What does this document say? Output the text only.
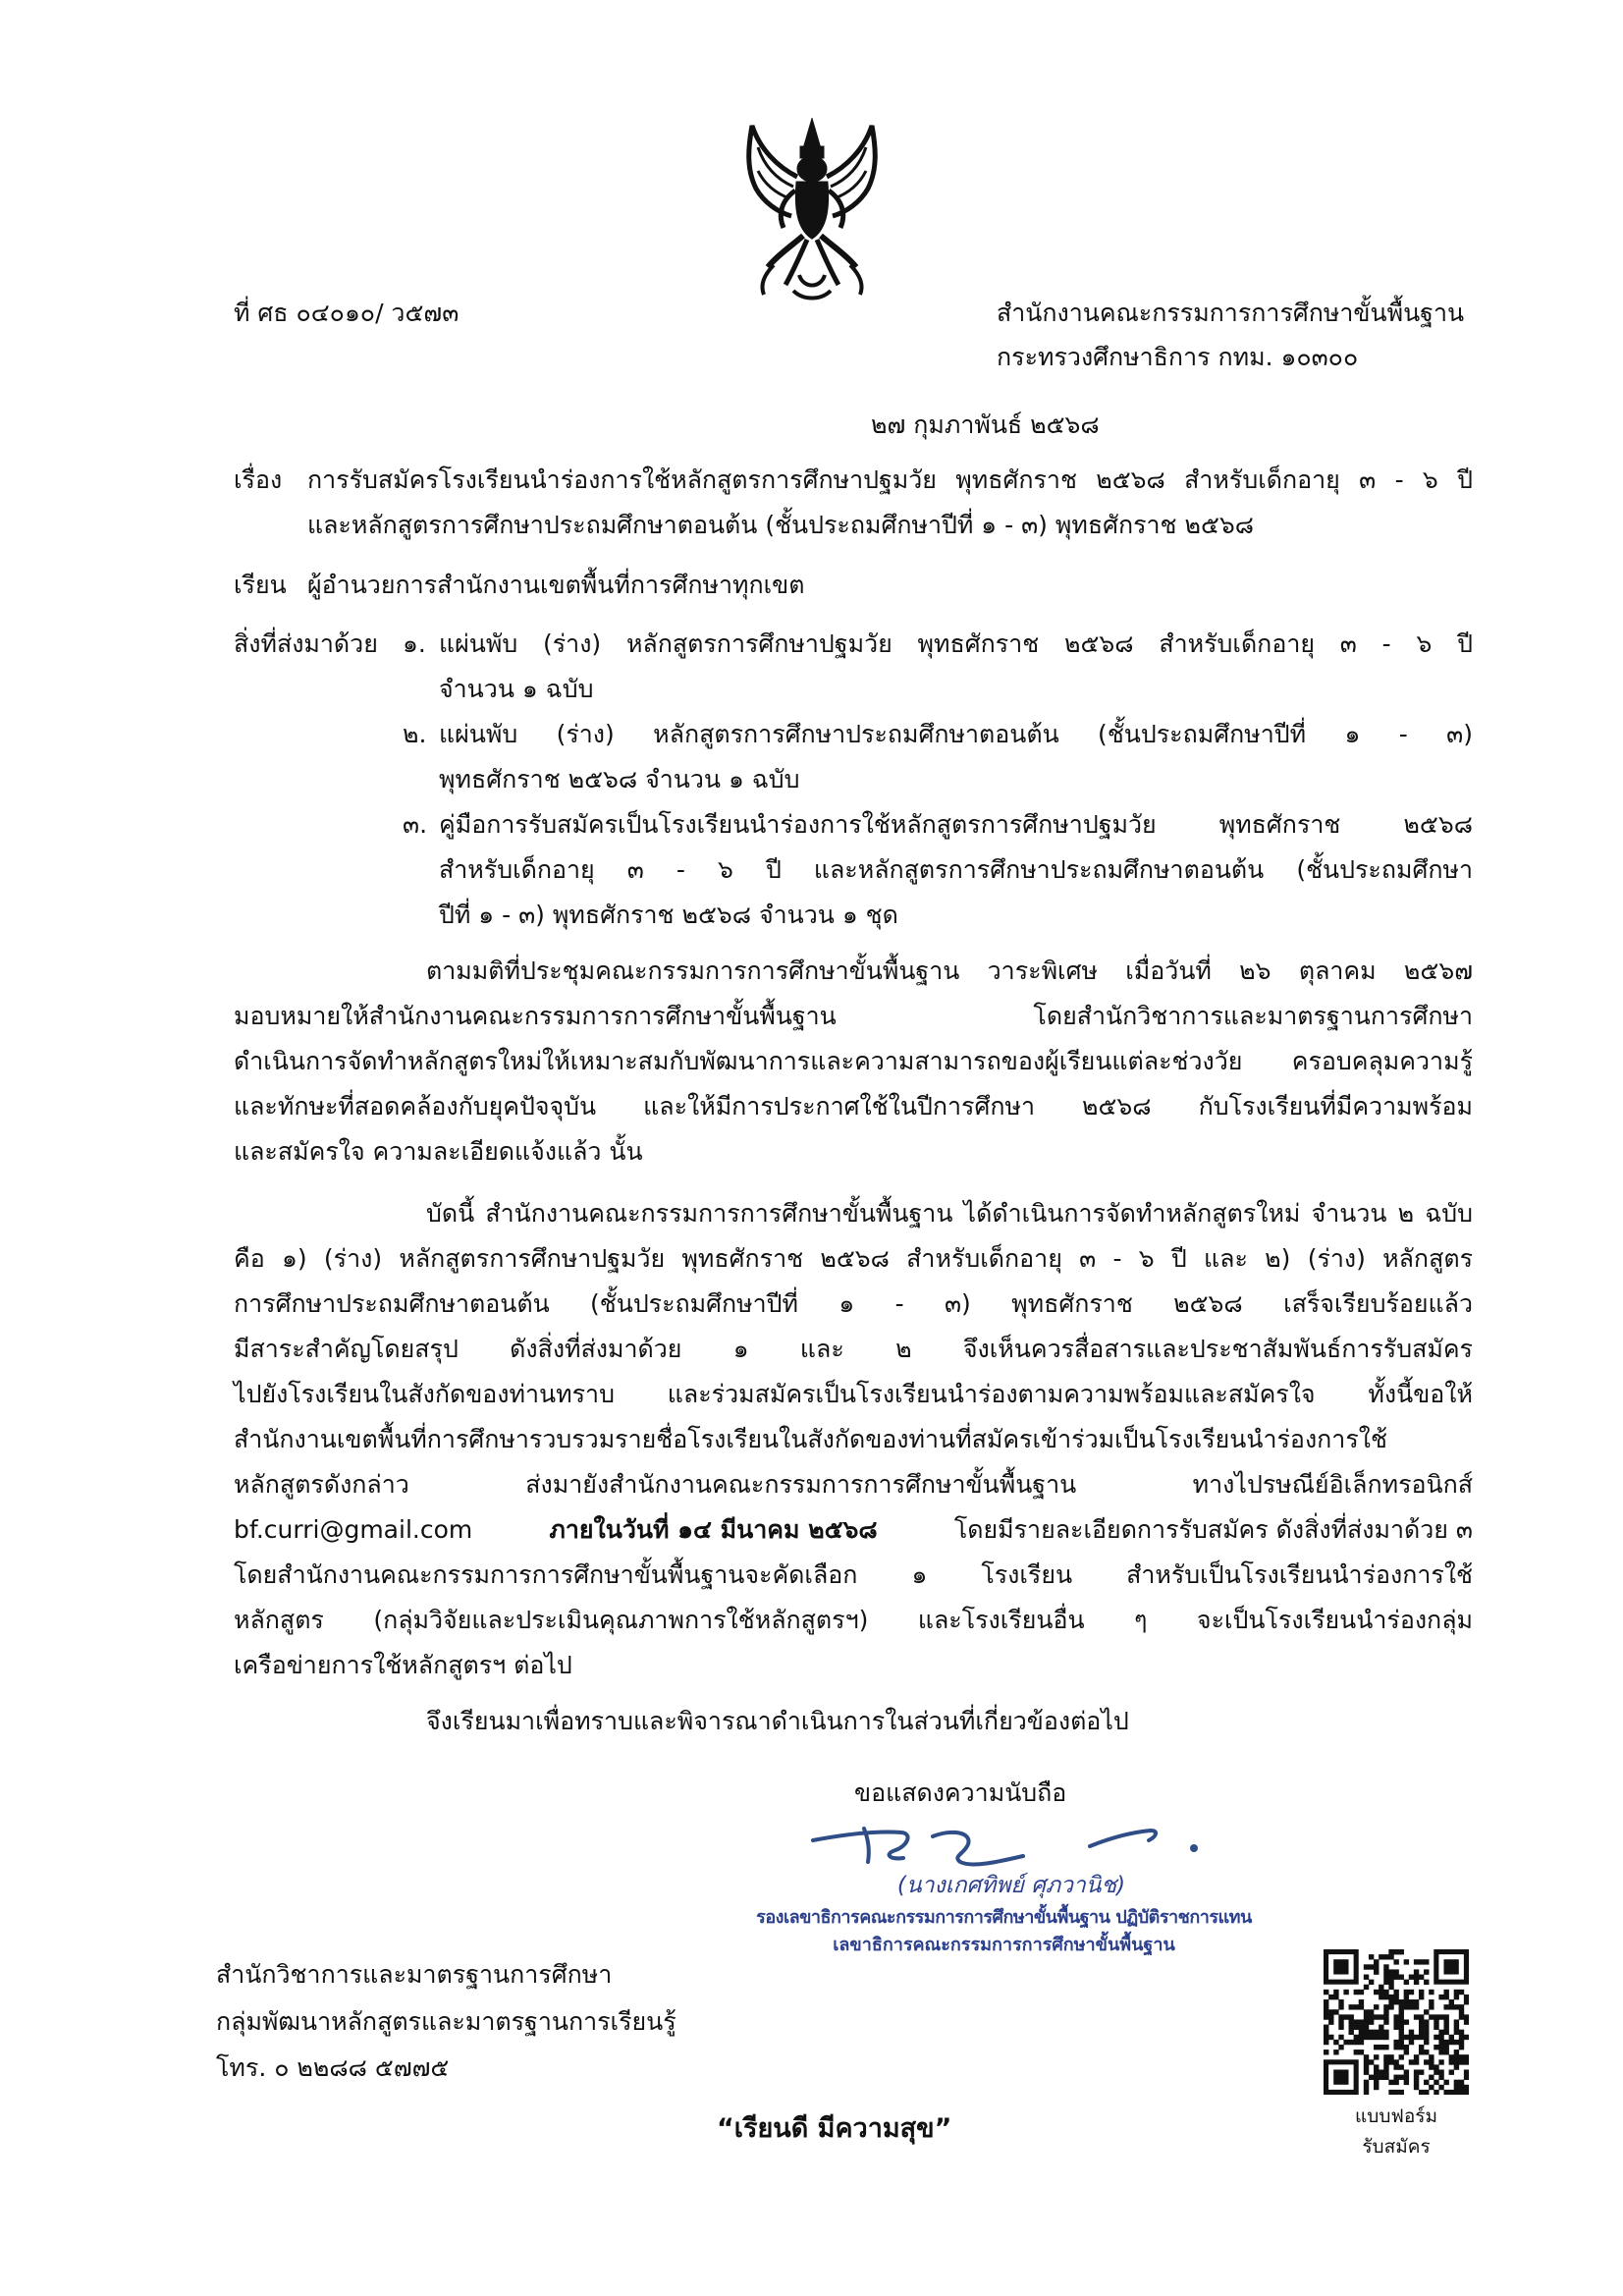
ที่ ศธ ๐๔๐๑๐/ ว๕๗๓	สำนักงานคณะกรรมการการศึกษาขั้นพื้นฐาน
กระทรวงศึกษาธิการ กทม. ๑๐๓๐๐
๒๗ กุมภาพันธ์ ๒๕๖๘
เรื่อง การรับสมัครโรงเรียนนำร่องการใช้หลักสูตรการศึกษาปฐมวัย พุทธศักราช ๒๕๖๘ สำหรับเด็กอายุ ๓ - ๖ ปี
และหลักสูตรการศึกษาประถมศึกษาตอนต้น (ชั้นประถมศึกษาปีที่ ๑ - ๓) พุทธศักราช ๒๕๖๘
เรียน ผู้อำนวยการสำนักงานเขตพื้นที่การศึกษาทุกเขต
สิ่งที่ส่งมาด้วย ๑. แผ่นพับ (ร่าง) หลักสูตรการศึกษาปฐมวัย พุทธศักราช ๒๕๖๘ สำหรับเด็กอายุ ๓ - ๖ ปี
จำนวน ๑ ฉบับ
๒. แผ่นพับ (ร่าง) หลักสูตรการศึกษาประถมศึกษาตอนต้น (ชั้นประถมศึกษาปีที่ ๑ - ๓)
พุทธศักราช ๒๕๖๘ จำนวน ๑ ฉบับ
๓. คู่มือการรับสมัครเป็นโรงเรียนนำร่องการใช้หลักสูตรการศึกษาปฐมวัย พุทธศักราช ๒๕๖๘
สำหรับเด็กอายุ ๓ - ๖ ปี และหลักสูตรการศึกษาประถมศึกษาตอนต้น (ชั้นประถมศึกษา
ปีที่ ๑ - ๓) พุทธศักราช ๒๕๖๘ จำนวน ๑ ชุด
ตามมติที่ประชุมคณะกรรมการการศึกษาขั้นพื้นฐาน วาระพิเศษ เมื่อวันที่ ๒๖ ตุลาคม ๒๕๖๗
มอบหมายให้สำนักงานคณะกรรมการการศึกษาขั้นพื้นฐาน โดยสำนักวิชาการและมาตรฐานการศึกษา
ดำเนินการจัดทำหลักสูตรใหม่ให้เหมาะสมกับพัฒนาการและความสามารถของผู้เรียนแต่ละช่วงวัย ครอบคลุมความรู้
และทักษะที่สอดคล้องกับยุคปัจจุบัน และให้มีการประกาศใช้ในปีการศึกษา ๒๕๖๘ กับโรงเรียนที่มีความพร้อม
และสมัครใจ ความละเอียดแจ้งแล้ว นั้น
บัดนี้ สำนักงานคณะกรรมการการศึกษาขั้นพื้นฐาน ได้ดำเนินการจัดทำหลักสูตรใหม่ จำนวน ๒ ฉบับ
คือ ๑) (ร่าง) หลักสูตรการศึกษาปฐมวัย พุทธศักราช ๒๕๖๘ สำหรับเด็กอายุ ๓ - ๖ ปี และ ๒) (ร่าง) หลักสูตร
การศึกษาประถมศึกษาตอนต้น (ชั้นประถมศึกษาปีที่ ๑ - ๓) พุทธศักราช ๒๕๖๘ เสร็จเรียบร้อยแล้ว
มีสาระสำคัญโดยสรุป ดังสิ่งที่ส่งมาด้วย ๑ และ ๒ จึงเห็นควรสื่อสารและประชาสัมพันธ์การรับสมัคร
ไปยังโรงเรียนในสังกัดของท่านทราบ และร่วมสมัครเป็นโรงเรียนนำร่องตามความพร้อมและสมัครใจ ทั้งนี้ขอให้
สำนักงานเขตพื้นที่การศึกษารวบรวมรายชื่อโรงเรียนในสังกัดของท่านที่สมัครเข้าร่วมเป็นโรงเรียนนำร่องการใช้
หลักสูตรดังกล่าว ส่งมายังสำนักงานคณะกรรมการการศึกษาขั้นพื้นฐาน ทางไปรษณีย์อิเล็กทรอนิกส์
bf.curri@gmail.com	ภายในวันที่ ๑๔ มีนาคม ๒๕๖๘	โดยมีรายละเอียดการรับสมัคร ดังสิ่งที่ส่งมาด้วย ๓
โดยสำนักงานคณะกรรมการการศึกษาขั้นพื้นฐานจะคัดเลือก ๑ โรงเรียน สำหรับเป็นโรงเรียนนำร่องการใช้
หลักสูตร (กลุ่มวิจัยและประเมินคุณภาพการใช้หลักสูตรฯ) และโรงเรียนอื่น ๆ จะเป็นโรงเรียนนำร่องกลุ่ม
เครือข่ายการใช้หลักสูตรฯ ต่อไป
จึงเรียนมาเพื่อทราบและพิจารณาดำเนินการในส่วนที่เกี่ยวข้องต่อไป
ขอแสดงความนับถือ
(นางเกศทิพย์ ศุภวานิช)
รองเลขาธิการคณะกรรมการการศึกษาขั้นพื้นฐาน ปฏิบัติราชการแทน
เลขาธิการคณะกรรมการการศึกษาขั้นพื้นฐาน
สำนักวิชาการและมาตรฐานการศึกษา
กลุ่มพัฒนาหลักสูตรและมาตรฐานการเรียนรู้
โทร. ๐ ๒๒๘๘ ๕๗๗๕
“เรียนดี มีความสุข”	แบบฟอร์ม
รับสมัคร
